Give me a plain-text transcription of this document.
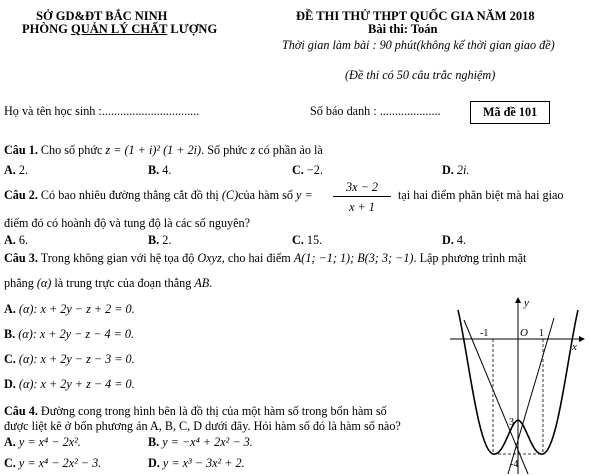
SỞ GD&ĐT BẮC NINH
PHÒNG QUẢN LÝ CHẤT LƯỢNG
ĐỀ THI THỬ THPT QUỐC GIA NĂM 2018
Bài thi: Toán
Thời gian làm bài : 90 phút(không kể thời gian giao đề)
(Đề thi có 50 câu trắc nghiệm)
Họ và tên học sinh :................................	Số báo danh : ....................	Mã đề 101
Câu 1. Cho số phức z = (1 + i)² (1 + 2i). Số phức z có phần ảo là
A. 2.	B. 4.	C. −2.	D. 2i.
Câu 2. Có bao nhiêu đường thẳng cắt đồ thị (C)của hàm số y =
3x − 2
x + 1
tại hai điểm phân biệt mà hai giao
điểm đó có hoành độ và tung độ là các số nguyên?
A. 6.	B. 2.	C. 15.	D. 4.
Câu 3. Trong không gian với hệ tọa độ Oxyz, cho hai điểm A(1; −1; 1); B(3; 3; −1). Lập phương trình mặt
phẳng (α) là trung trực của đoạn thẳng AB.
A. (α): x + 2y − z + 2 = 0.
B. (α): x + 2y − z − 4 = 0.
C. (α): x + 2y − z − 3 = 0.
D. (α): x + 2y + z − 4 = 0.
Câu 4. Đường cong trong hình bên là đồ thị của một hàm số trong bốn hàm số
được liệt kê ở bốn phương án A, B, C, D dưới đây. Hỏi hàm số đó là hàm số nào?
A. y = x⁴ − 2x².	B. y = −x⁴ + 2x² − 3.
C. y = x⁴ − 2x² − 3.	D. y = x³ − 3x² + 2.
y
x
O
-1	1
3
-4
